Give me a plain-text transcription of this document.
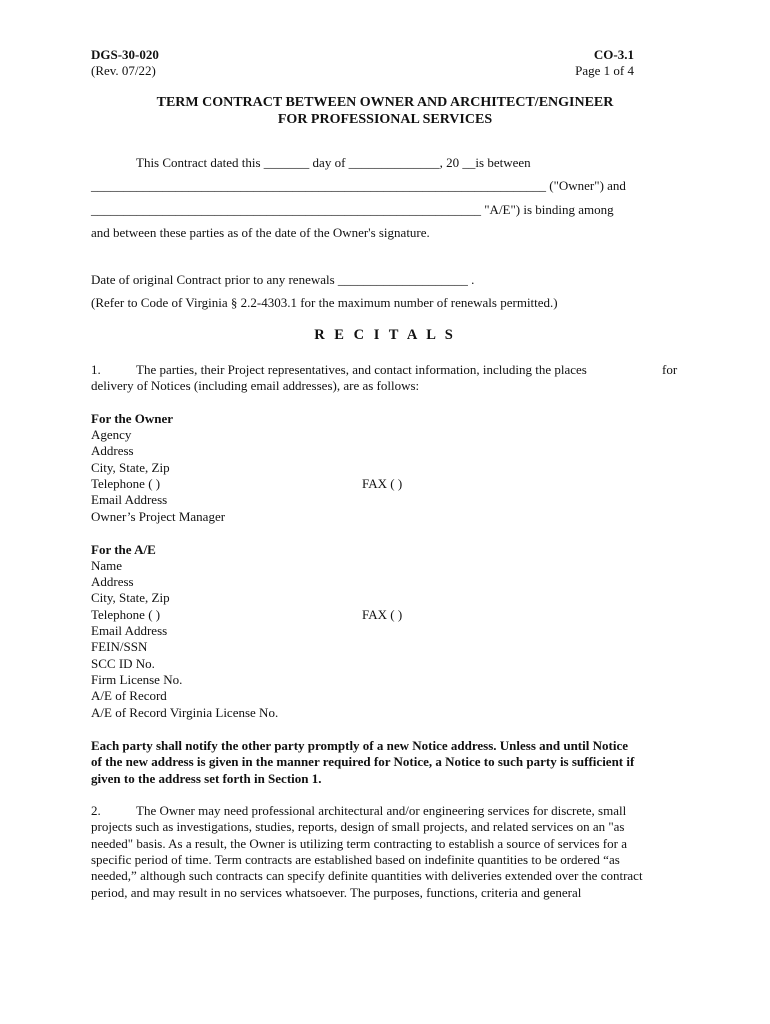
DGS-30-020
(Rev. 07/22)
CO-3.1
Page 1 of 4
TERM CONTRACT BETWEEN OWNER AND ARCHITECT/ENGINEER
FOR PROFESSIONAL SERVICES
This Contract dated this _______ day of ______________, 20 __is between
______________________________________________________________________ ("Owner") and
____________________________________________________________ "A/E") is binding among
and between these parties as of the date of the Owner's signature.
Date of original Contract prior to any renewals ____________________ .
(Refer to Code of Virginia § 2.2-4303.1 for the maximum number of renewals permitted.)
R E C I T A L S
1.	The parties, their Project representatives, and contact information, including the places	for
delivery of Notices (including email addresses), are as follows:
For the Owner
Agency
Address
City, State, Zip
Telephone ( )	FAX ( )
Email Address
Owner’s Project Manager
For the A/E
Name
Address
City, State, Zip
Telephone ( )	FAX ( )
Email Address
FEIN/SSN
SCC ID No.
Firm License No.
A/E of Record
A/E of Record Virginia License No.
Each party shall notify the other party promptly of a new Notice address. Unless and until Notice
of the new address is given in the manner required for Notice, a Notice to such party is sufficient if
given to the address set forth in Section 1.
2.	The Owner may need professional architectural and/or engineering services for discrete, small
projects such as investigations, studies, reports, design of small projects, and related services on an "as
needed" basis. As a result, the Owner is utilizing term contracting to establish a source of services for a
specific period of time. Term contracts are established based on indefinite quantities to be ordered “as
needed,” although such contracts can specify definite quantities with deliveries extended over the contract
period, and may result in no services whatsoever. The purposes, functions, criteria and general
